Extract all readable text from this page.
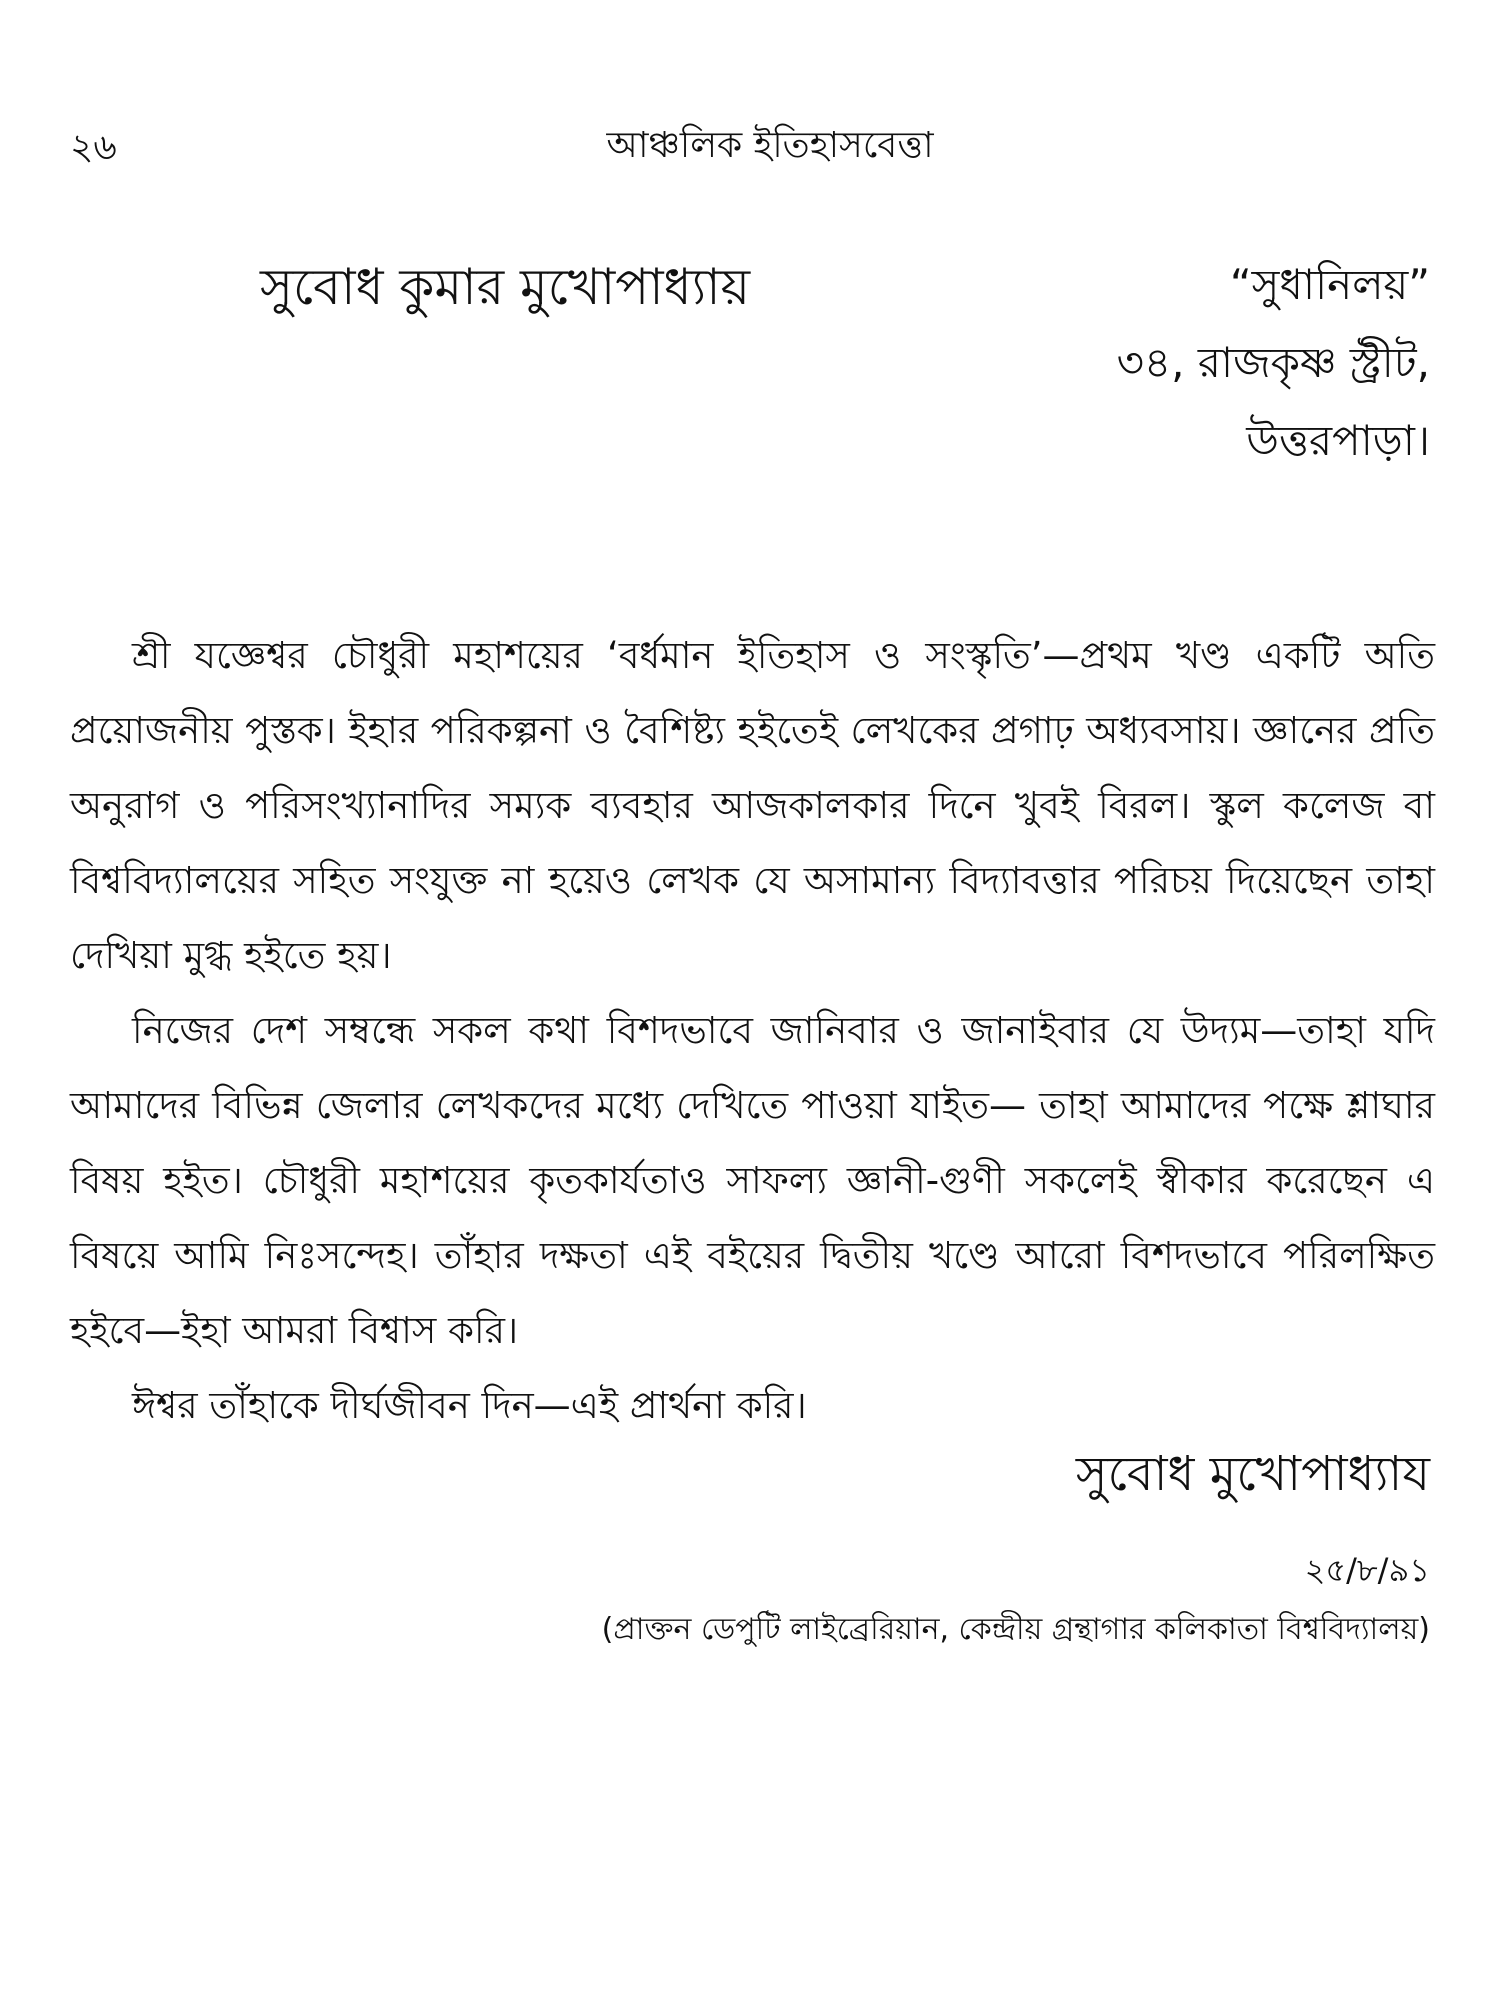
২৬	আঞ্চলিক ইতিহাসবেত্তা
সুবোধ কুমার মুখোপাধ্যায়	“সুধানিলয়”
৩৪, রাজকৃষ্ণ স্ট্রীট,
উত্তরপাড়া।

শ্রী যজ্ঞেশ্বর চৌধুরী মহাশয়ের ‘বর্ধমান ইতিহাস ও সংস্কৃতি’—প্রথম খণ্ড একটি অতি প্রয়োজনীয় পুস্তক। ইহার পরিকল্পনা ও বৈশিষ্ট্য হইতেই লেখকের প্রগাঢ় অধ্যবসায়। জ্ঞানের প্রতি অনুরাগ ও পরিসংখ্যানাদির সম্যক ব্যবহার আজকালকার দিনে খুবই বিরল। স্কুল কলেজ বা বিশ্ববিদ্যালয়ের সহিত সংযুক্ত না হয়েও লেখক যে অসামান্য বিদ্যাবত্তার পরিচয় দিয়েছেন তাহা দেখিয়া মুগ্ধ হইতে হয়।

নিজের দেশ সম্বন্ধে সকল কথা বিশদভাবে জানিবার ও জানাইবার যে উদ্যম—তাহা যদি আমাদের বিভিন্ন জেলার লেখকদের মধ্যে দেখিতে পাওয়া যাইত— তাহা আমাদের পক্ষে শ্লাঘার বিষয় হইত। চৌধুরী মহাশয়ের কৃতকার্যতাও সাফল্য জ্ঞানী-গুণী সকলেই স্বীকার করেছেন এ বিষয়ে আমি নিঃসন্দেহ। তাঁহার দক্ষতা এই বইয়ের দ্বিতীয় খণ্ডে আরো বিশদভাবে পরিলক্ষিত হইবে—ইহা আমরা বিশ্বাস করি।

ঈশ্বর তাঁহাকে দীর্ঘজীবন দিন—এই প্রার্থনা করি।

সুবোধ মুখোপাধ্যায
২৫/৮/৯১
(প্রাক্তন ডেপুটি লাইব্রেরিয়ান, কেন্দ্রীয় গ্রন্থাগার কলিকাতা বিশ্ববিদ্যালয়)
